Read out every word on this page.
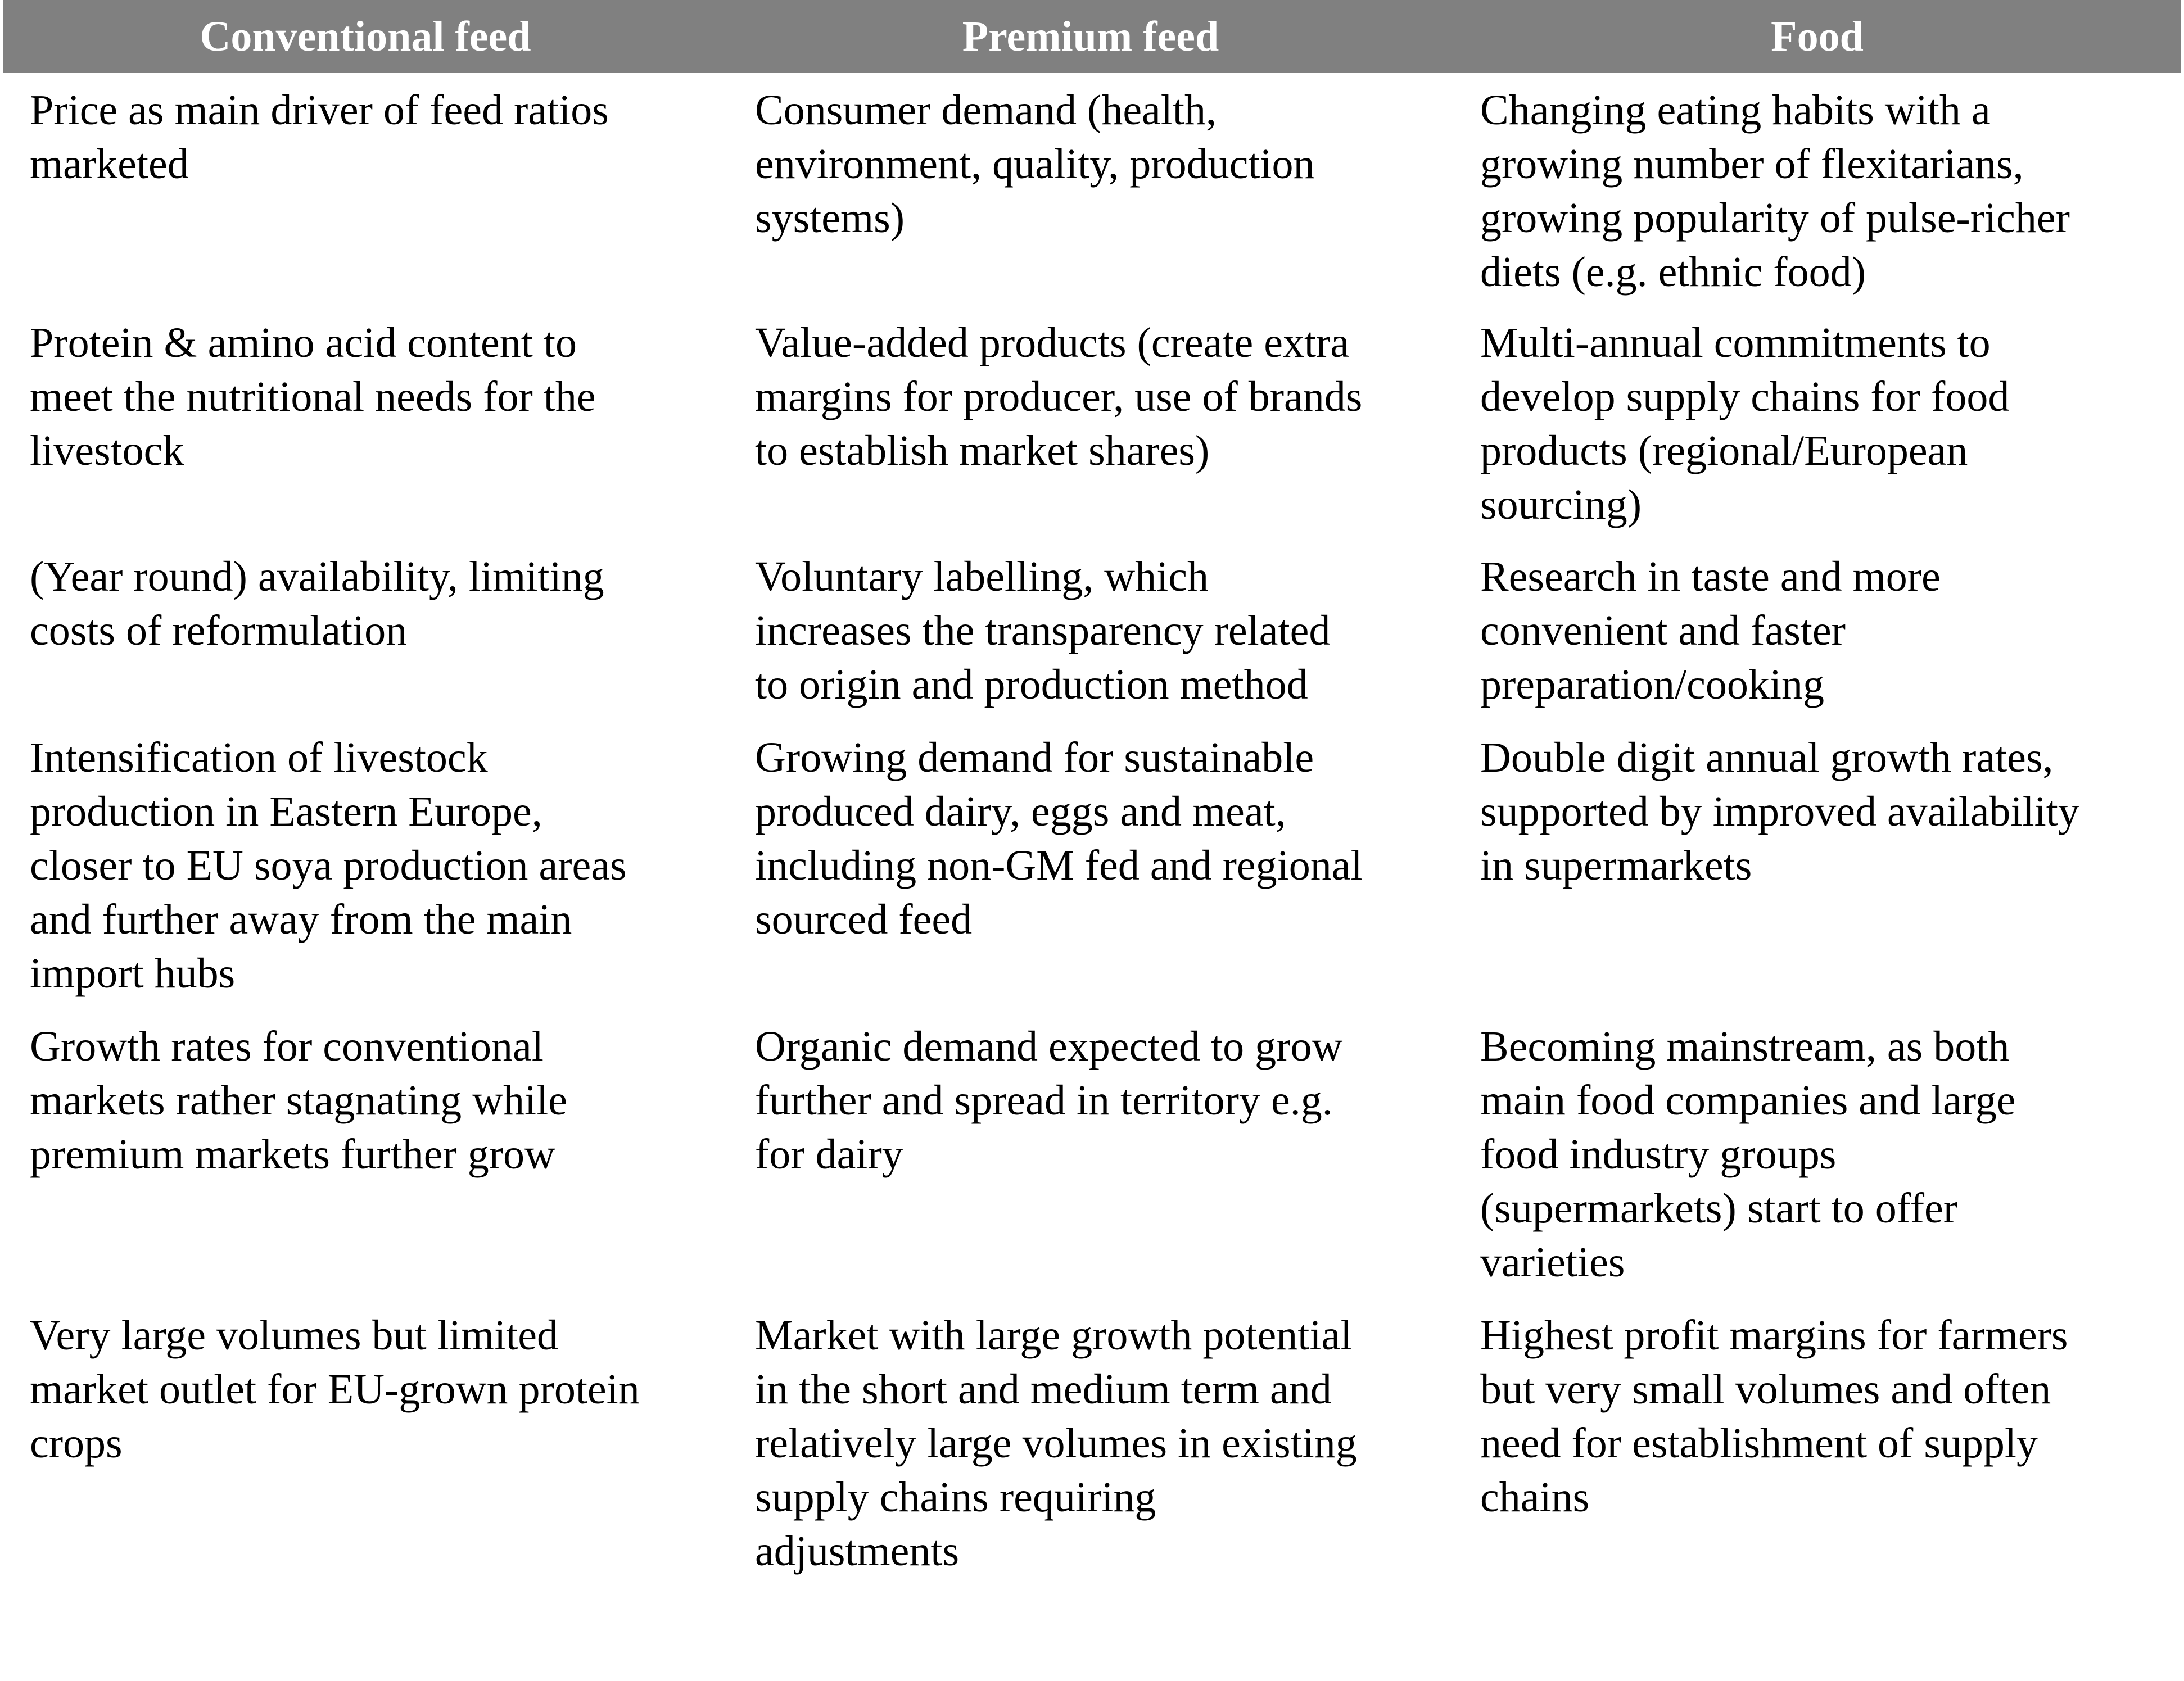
Conventional feed	Premium feed	Food
Price as main driver of feed ratios
marketed
Consumer demand (health,
environment, quality, production
systems)
Changing eating habits with a
growing number of flexitarians,
growing popularity of pulse-richer
diets (e.g. ethnic food)
Protein & amino acid content to
meet the nutritional needs for the
livestock
Value-added products (create extra
margins for producer, use of brands
to establish market shares)
Multi-annual commitments to
develop supply chains for food
products (regional/European
sourcing)
(Year round) availability, limiting
costs of reformulation
Voluntary labelling, which
increases the transparency related
to origin and production method
Research in taste and more
convenient and faster
preparation/cooking
Intensification of livestock
production in Eastern Europe,
closer to EU soya production areas
and further away from the main
import hubs
Growing demand for sustainable
produced dairy, eggs and meat,
including non-GM fed and regional
sourced feed
Double digit annual growth rates,
supported by improved availability
in supermarkets
Growth rates for conventional
markets rather stagnating while
premium markets further grow
Organic demand expected to grow
further and spread in territory e.g.
for dairy
Becoming mainstream, as both
main food companies and large
food industry groups
(supermarkets) start to offer
varieties
Very large volumes but limited
market outlet for EU-grown protein
crops
Market with large growth potential
in the short and medium term and
relatively large volumes in existing
supply chains requiring
adjustments
Highest profit margins for farmers
but very small volumes and often
need for establishment of supply
chains
